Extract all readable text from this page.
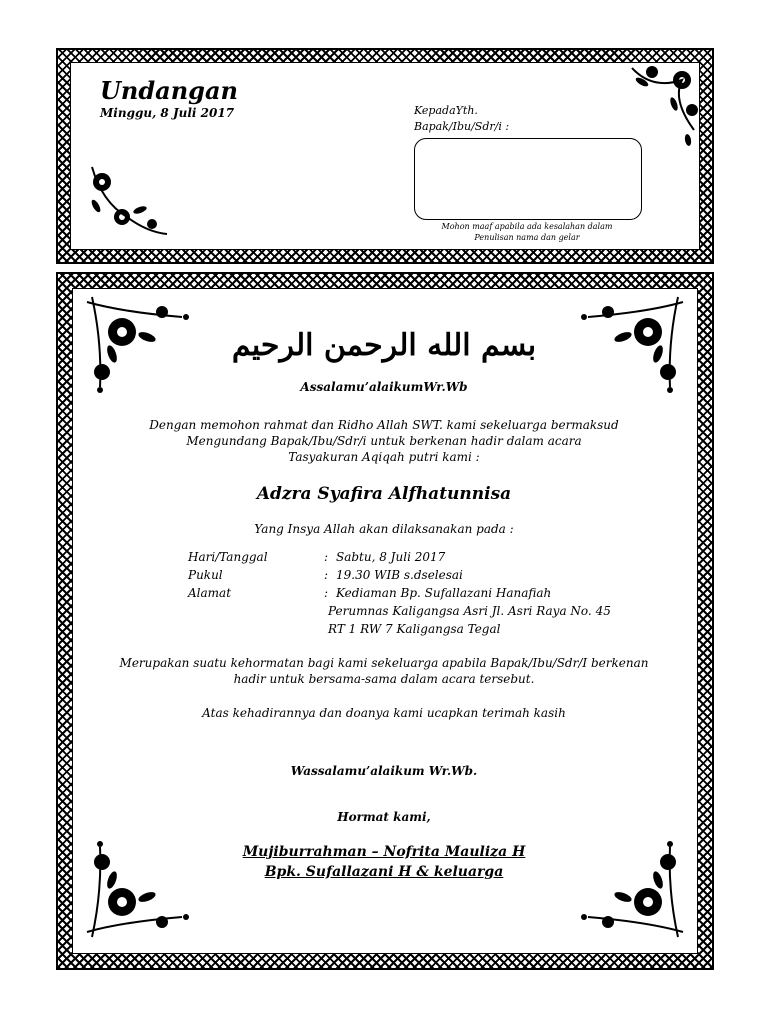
Undangan
Minggu, 8 Juli 2017	KepadaYth.
Bapak/Ibu/Sdr/i :
Mohon maaf apabila ada kesalahan dalam
Penulisan nama dan gelar
بسم الله الرحمن الرحيم
Assalamu’alaikumWr.Wb
Dengan memohon rahmat dan Ridho Allah SWT. kami sekeluarga bermaksud
Mengundang Bapak/Ibu/Sdr/i untuk berkenan hadir dalam acara
Tasyakuran Aqiqah putri kami :
Adzra Syafira Alfhatunnisa
Yang Insya Allah akan dilaksanakan pada :
Hari/Tanggal	: Sabtu, 8 Juli 2017
Pukul	: 19.30 WIB s.dselesai
Alamat	: Kediaman Bp. Sufallazani Hanafiah
Perumnas Kaligangsa Asri Jl. Asri Raya No. 45
RT 1 RW 7 Kaligangsa Tegal
Merupakan suatu kehormatan bagi kami sekeluarga apabila Bapak/Ibu/Sdr/I berkenan
hadir untuk bersama-sama dalam acara tersebut.
Atas kehadirannya dan doanya kami ucapkan terimah kasih
Wassalamu’alaikum Wr.Wb.
Hormat kami,
Mujiburrahman – Nofrita Mauliza H
Bpk. Sufallazani H & keluarga
